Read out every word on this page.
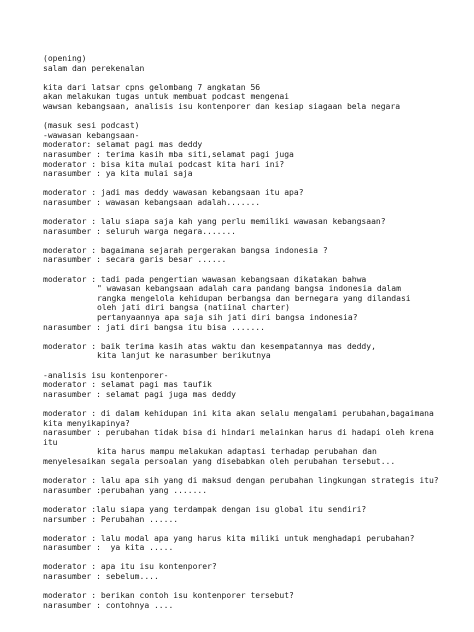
(opening)
salam dan perekenalan
kita dari latsar cpns gelombang 7 angkatan 56
akan melakukan tugas untuk membuat podcast mengenai
wawsan kebangsaan, analisis isu kontenporer dan kesiap siagaan bela negara
(masuk sesi podcast)
-wawasan kebangsaan-
moderator: selamat pagi mas deddy
narasumber : terima kasih mba siti,selamat pagi juga
moderator : bisa kita mulai podcast kita hari ini?
narasumber : ya kita mulai saja
moderator : jadi mas deddy wawasan kebangsaan itu apa?
narasumber : wawasan kebangsaan adalah.......
moderator : lalu siapa saja kah yang perlu memiliki wawasan kebangsaan?
narasumber : seluruh warga negara.......
moderator : bagaimana sejarah pergerakan bangsa indonesia ?
narasumber : secara garis besar ......
moderator : tadi pada pengertian wawasan kebangsaan dikatakan bahwa
" wawasan kebangsaan adalah cara pandang bangsa indonesia dalam
rangka mengelola kehidupan berbangsa dan bernegara yang dilandasi
oleh jati diri bangsa (natiinal charter)
pertanyaannya apa saja sih jati diri bangsa indonesia?
narasumber : jati diri bangsa itu bisa .......
moderator : baik terima kasih atas waktu dan kesempatannya mas deddy,
kita lanjut ke narasumber berikutnya
-analisis isu kontenporer-
moderator : selamat pagi mas taufik
narasumber : selamat pagi juga mas deddy
moderator : di dalam kehidupan ini kita akan selalu mengalami perubahan,bagaimana
kita menyikapinya?
narasumber : perubahan tidak bisa di hindari melainkan harus di hadapi oleh krena
itu
kita harus mampu melakukan adaptasi terhadap perubahan dan
menyelesaikan segala persoalan yang disebabkan oleh perubahan tersebut...
moderator : lalu apa sih yang di maksud dengan perubahan lingkungan strategis itu?
narasumber :perubahan yang .......
moderator :lalu siapa yang terdampak dengan isu global itu sendiri?
narsumber : Perubahan ......
moderator : lalu modal apa yang harus kita miliki untuk menghadapi perubahan?
narasumber :  ya kita .....
moderator : apa itu isu kontenporer?
narasumber : sebelum....
moderator : berikan contoh isu kontenporer tersebut?
narasumber : contohnya ....
